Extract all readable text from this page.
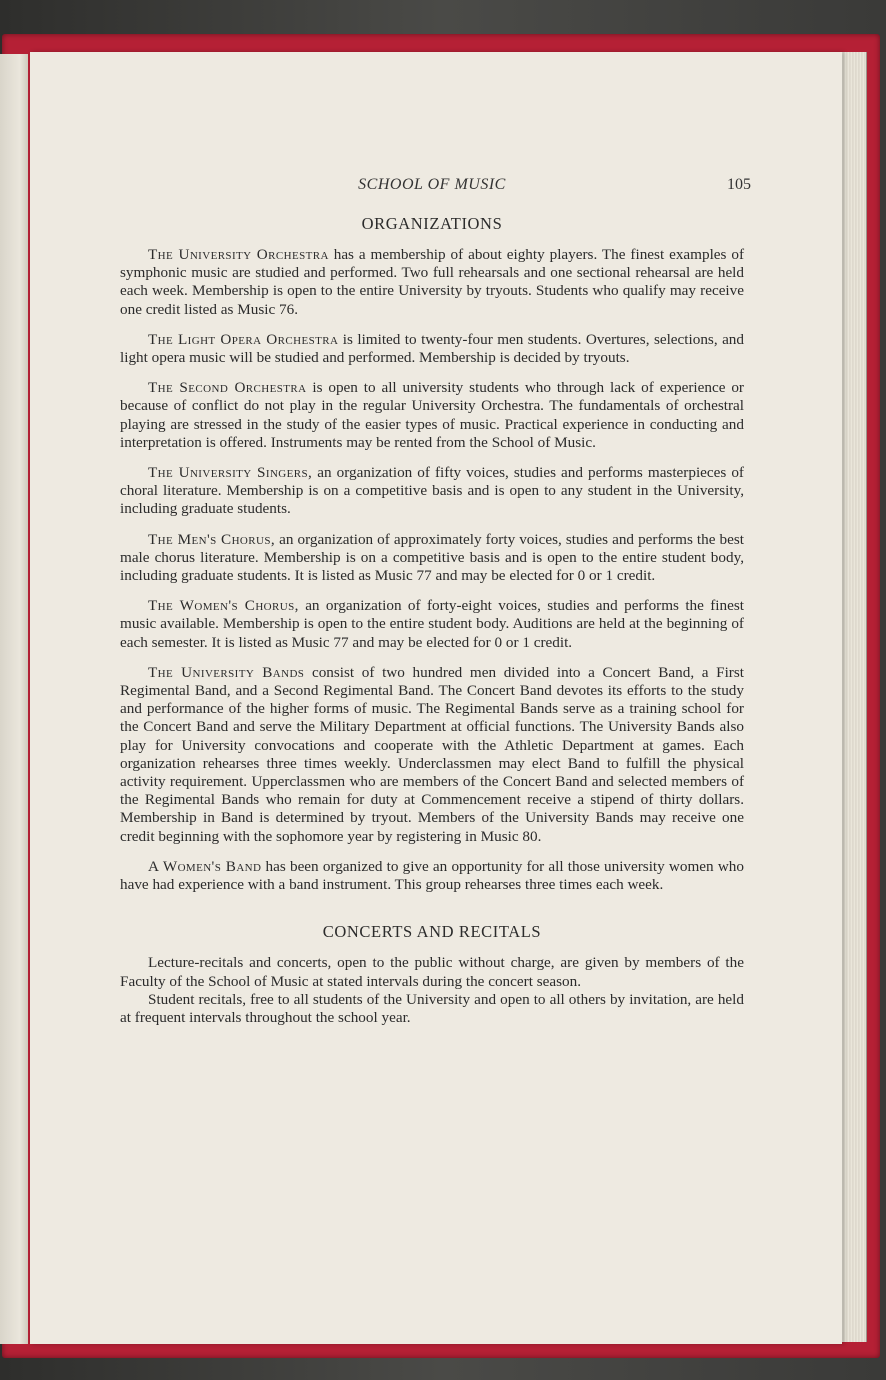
SCHOOL OF MUSIC	105
ORGANIZATIONS

The University Orchestra has a membership of about eighty players. The finest examples of symphonic music are studied and performed. Two full rehearsals and one sectional rehearsal are held each week. Membership is open to the entire University by tryouts. Students who qualify may receive one credit listed as Music 76.

The Light Opera Orchestra is limited to twenty-four men students. Overtures, selections, and light opera music will be studied and performed. Membership is decided by tryouts.

The Second Orchestra is open to all university students who through lack of experience or because of conflict do not play in the regular University Orchestra. The fundamentals of orchestral playing are stressed in the study of the easier types of music. Practical experience in conducting and interpretation is offered. Instruments may be rented from the School of Music.

The University Singers, an organization of fifty voices, studies and performs masterpieces of choral literature. Membership is on a competitive basis and is open to any student in the University, including graduate students.

The Men's Chorus, an organization of approximately forty voices, studies and performs the best male chorus literature. Membership is on a competitive basis and is open to the entire student body, including graduate students. It is listed as Music 77 and may be elected for 0 or 1 credit.

The Women's Chorus, an organization of forty-eight voices, studies and performs the finest music available. Membership is open to the entire student body. Auditions are held at the beginning of each semester. It is listed as Music 77 and may be elected for 0 or 1 credit.

The University Bands consist of two hundred men divided into a Concert Band, a First Regimental Band, and a Second Regimental Band. The Concert Band devotes its efforts to the study and performance of the higher forms of music. The Regimental Bands serve as a training school for the Concert Band and serve the Military Department at official functions. The University Bands also play for University convocations and cooperate with the Athletic Department at games. Each organization rehearses three times weekly. Underclassmen may elect Band to fulfill the physical activity requirement. Upperclassmen who are members of the Concert Band and selected members of the Regimental Bands who remain for duty at Commencement receive a stipend of thirty dollars. Membership in Band is determined by tryout. Members of the University Bands may receive one credit beginning with the sophomore year by registering in Music 80.

A Women's Band has been organized to give an opportunity for all those university women who have had experience with a band instrument. This group rehearses three times each week.

CONCERTS AND RECITALS

Lecture-recitals and concerts, open to the public without charge, are given by members of the Faculty of the School of Music at stated intervals during the concert season.

Student recitals, free to all students of the University and open to all others by invitation, are held at frequent intervals throughout the school year.
